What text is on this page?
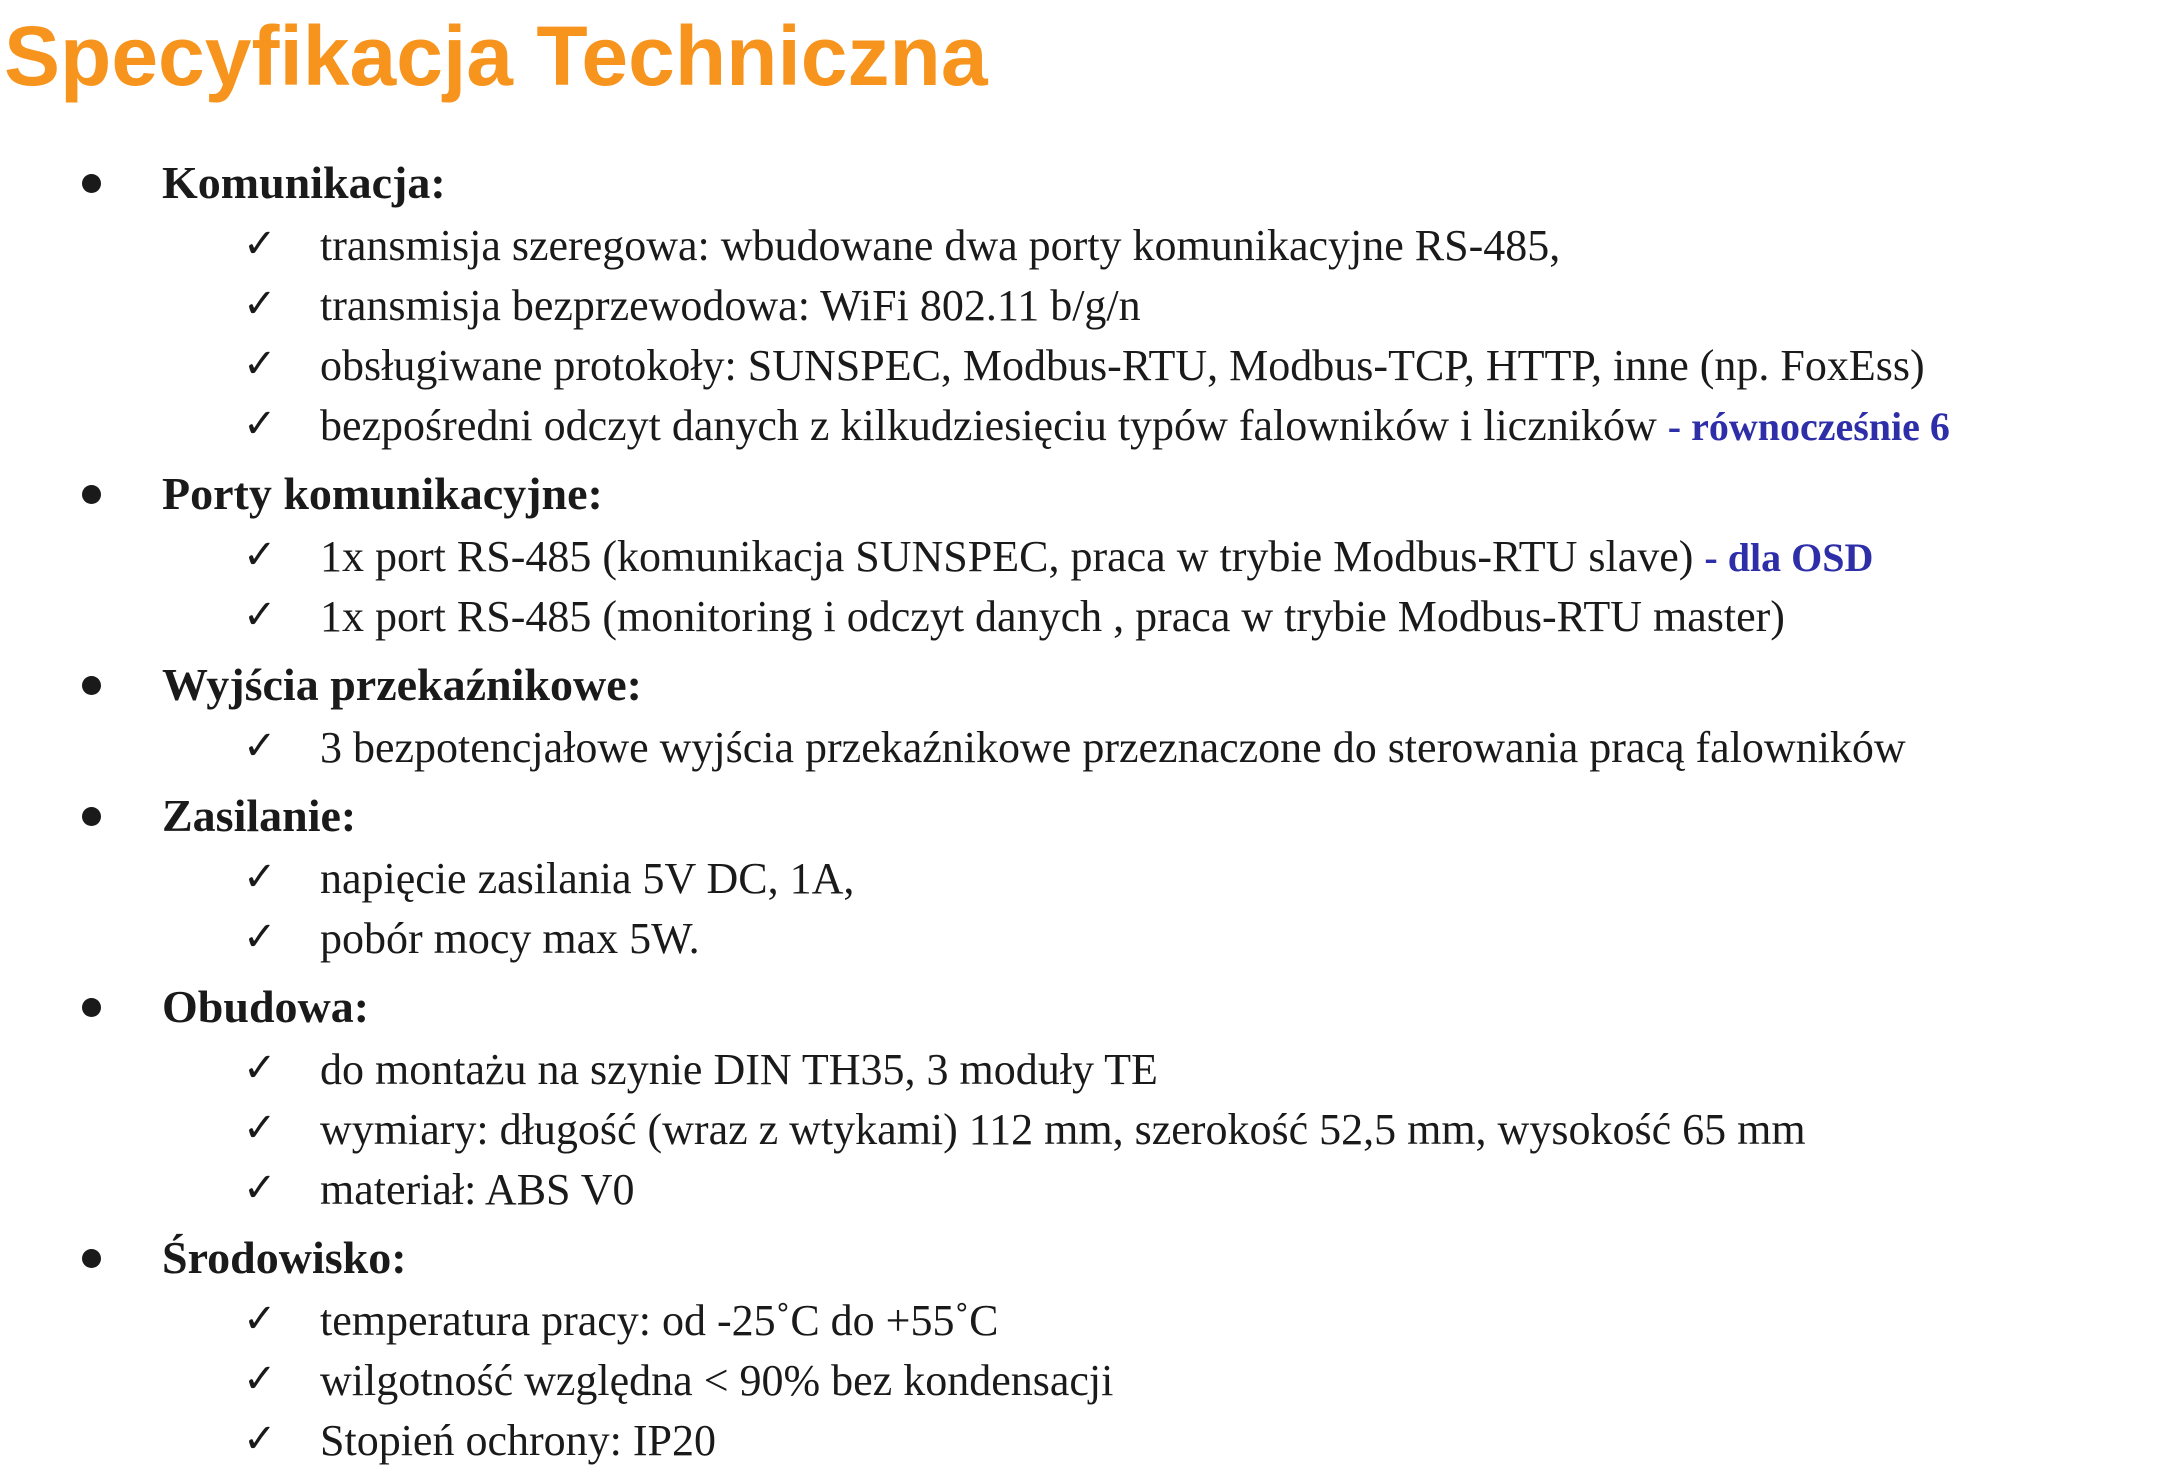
Specyfikacja Techniczna
Komunikacja:
✓ transmisja szeregowa: wbudowane dwa porty komunikacyjne RS-485,
✓ transmisja bezprzewodowa: WiFi 802.11 b/g/n
✓ obsługiwane protokoły: SUNSPEC, Modbus-RTU, Modbus-TCP, HTTP, inne (np. FoxEss)
✓ bezpośredni odczyt danych z kilkudziesięciu typów falowników i liczników - równocześnie 6
Porty komunikacyjne:
✓ 1x port RS-485 (komunikacja SUNSPEC, praca w trybie Modbus-RTU slave) - dla OSD
✓ 1x port RS-485 (monitoring i odczyt danych , praca w trybie Modbus-RTU master)
Wyjścia przekaźnikowe:
✓ 3 bezpotencjałowe wyjścia przekaźnikowe przeznaczone do sterowania pracą falowników
Zasilanie:
✓ napięcie zasilania 5V DC, 1A,
✓ pobór mocy max 5W.
Obudowa:
✓ do montażu na szynie DIN TH35, 3 moduły TE
✓ wymiary: długość (wraz z wtykami) 112 mm, szerokość 52,5 mm, wysokość 65 mm
✓ materiał: ABS V0
Środowisko:
✓ temperatura pracy: od -25˚C do +55˚C
✓ wilgotność względna < 90% bez kondensacji
✓ Stopień ochrony: IP20
